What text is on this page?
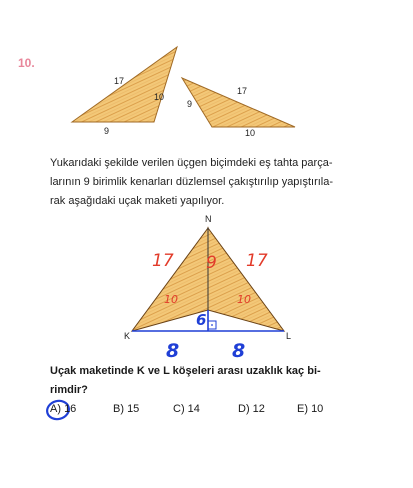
10.
17
10
9
9
17
10
N
K	L
17	17
9
10	10
6
8	8
Yukarıdaki şekilde verilen üçgen biçimdeki eş tahta parça-
larının 9 birimlik kenarları düzlemsel çakıştırılıp yapıştırıla-
rak aşağıdaki uçak maketi yapılıyor.
Uçak maketinde K ve L köşeleri arası uzaklık kaç bi-
rimdir?
A) 16	B) 15	C) 14	D) 12	E) 10
